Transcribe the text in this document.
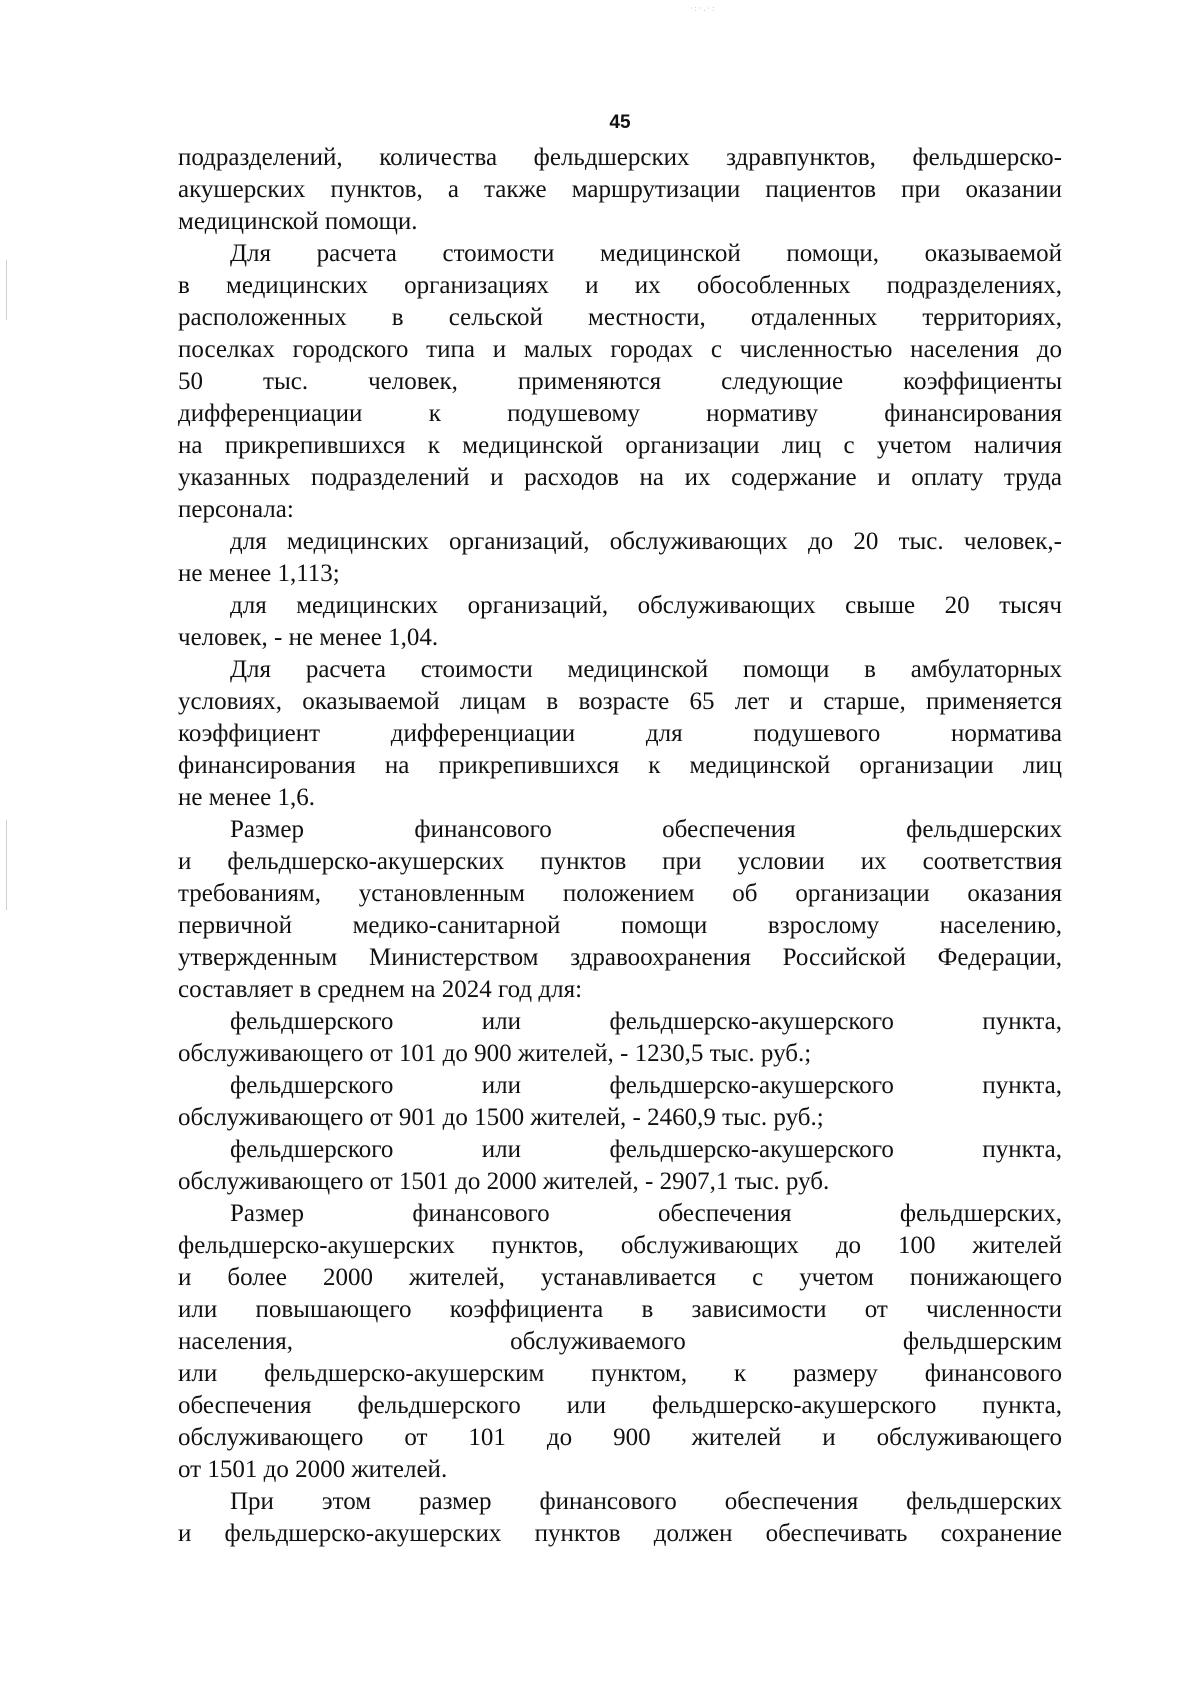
·:·.·:
45
подразделений, количества фельдшерских здравпунктов, фельдшерско-
акушерских пунктов, а также маршрутизации пациентов при оказании
медицинской помощи.
Для расчета стоимости медицинской помощи, оказываемой
в медицинских организациях и их обособленных подразделениях,
расположенных в сельской местности, отдаленных территориях,
поселках городского типа и малых городах с численностью населения до
50 тыс. человек, применяются следующие коэффициенты
дифференциации к подушевому нормативу финансирования
на прикрепившихся к медицинской организации лиц с учетом наличия
указанных подразделений и расходов на их содержание и оплату труда
персонала:
для медицинских организаций, обслуживающих до 20 тыс. человек,-
не менее 1,113;
для медицинских организаций, обслуживающих свыше 20 тысяч
человек, - не менее 1,04.
Для расчета стоимости медицинской помощи в амбулаторных
условиях, оказываемой лицам в возрасте 65 лет и старше, применяется
коэффициент дифференциации для подушевого норматива
финансирования на прикрепившихся к медицинской организации лиц
не менее 1,6.
Размер финансового обеспечения фельдшерских
и фельдшерско-акушерских пунктов при условии их соответствия
требованиям, установленным положением об организации оказания
первичной медико-санитарной помощи взрослому населению,
утвержденным Министерством здравоохранения Российской Федерации,
составляет в среднем на 2024 год для:
фельдшерского или фельдшерско-акушерского пункта,
обслуживающего от 101 до 900 жителей, - 1230,5 тыс. руб.;
фельдшерского или фельдшерско-акушерского пункта,
обслуживающего от 901 до 1500 жителей, - 2460,9 тыс. руб.;
фельдшерского или фельдшерско-акушерского пункта,
обслуживающего от 1501 до 2000 жителей, - 2907,1 тыс. руб.
Размер финансового обеспечения фельдшерских,
фельдшерско-акушерских пунктов, обслуживающих до 100 жителей
и более 2000 жителей, устанавливается с учетом понижающего
или повышающего коэффициента в зависимости от численности
населения, обслуживаемого фельдшерским
или фельдшерско-акушерским пунктом, к размеру финансового
обеспечения фельдшерского или фельдшерско-акушерского пункта,
обслуживающего от 101 до 900 жителей и обслуживающего
от 1501 до 2000 жителей.
При этом размер финансового обеспечения фельдшерских
и фельдшерско-акушерских пунктов должен обеспечивать сохранение
